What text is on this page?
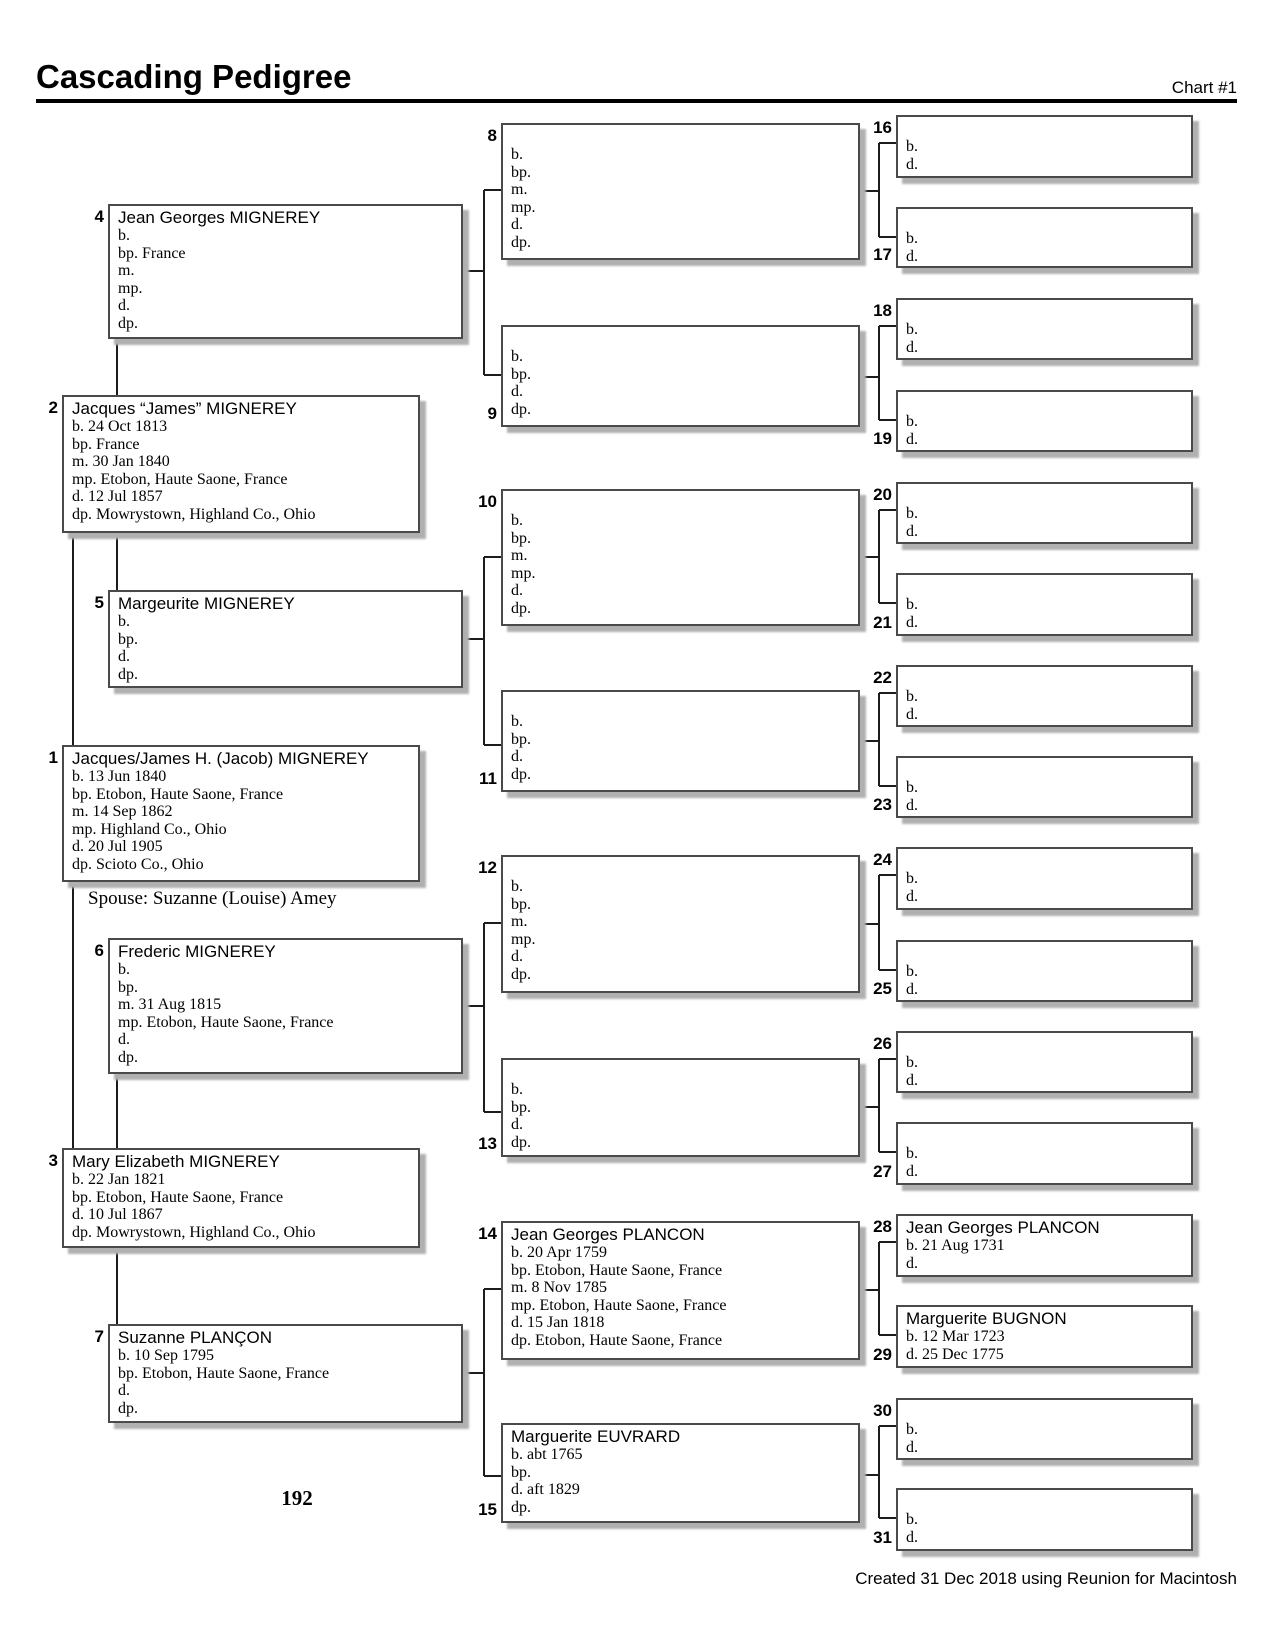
Cascading Pedigree	Chart #1
1 Jacques/James H. (Jacob) MIGNEREY
b. 13 Jun 1840
bp. Etobon, Haute Saone, France
m. 14 Sep 1862
mp. Highland Co., Ohio
d. 20 Jul 1905
dp. Scioto Co., Ohio
2 Jacques “James” MIGNEREY
b. 24 Oct 1813
bp. France
m. 30 Jan 1840
mp. Etobon, Haute Saone, France
d. 12 Jul 1857
dp. Mowrystown, Highland Co., Ohio
3 Mary Elizabeth MIGNEREY
b. 22 Jan 1821
bp. Etobon, Haute Saone, France
d. 10 Jul 1867
dp. Mowrystown, Highland Co., Ohio
4 Jean Georges MIGNEREY
b.
bp. France
m.
mp.
d.
dp.
5 Margeurite MIGNEREY
b.
bp.
d.
dp.
6 Frederic MIGNEREY
b.
bp.
m. 31 Aug 1815
mp. Etobon, Haute Saone, France
d.
dp.
7 Suzanne PLANÇON
b. 10 Sep 1795
bp. Etobon, Haute Saone, France
d.
dp.
8
b.
bp.
m.
mp.
d.
dp.
9
b.
bp.
d.
dp.
10
b.
bp.
m.
mp.
d.
dp.
11
b.
bp.
d.
dp.
12
b.
bp.
m.
mp.
d.
dp.
13
b.
bp.
d.
dp.
14 Jean Georges PLANCON
b. 20 Apr 1759
bp. Etobon, Haute Saone, France
m. 8 Nov 1785
mp. Etobon, Haute Saone, France
d. 15 Jan 1818
dp. Etobon, Haute Saone, France
15
Marguerite EUVRARD
b. abt 1765
bp.
d. aft 1829
dp.
16
b.
d.
17
b.
d.
18
b.
d.
19
b.
d.
20
b.
d.
21
b.
d.
22
b.
d.
23
b.
d.
24
b.
d.
25
b.
d.
26
b.
d.
27
b.
d.
28 Jean Georges PLANCON
b. 21 Aug 1731
d.
29
Marguerite BUGNON
b. 12 Mar 1723
d. 25 Dec 1775
30
b.
d.
31
b.
d.
Spouse: Suzanne (Louise) Amey
192
Created 31 Dec 2018 using Reunion for Macintosh
